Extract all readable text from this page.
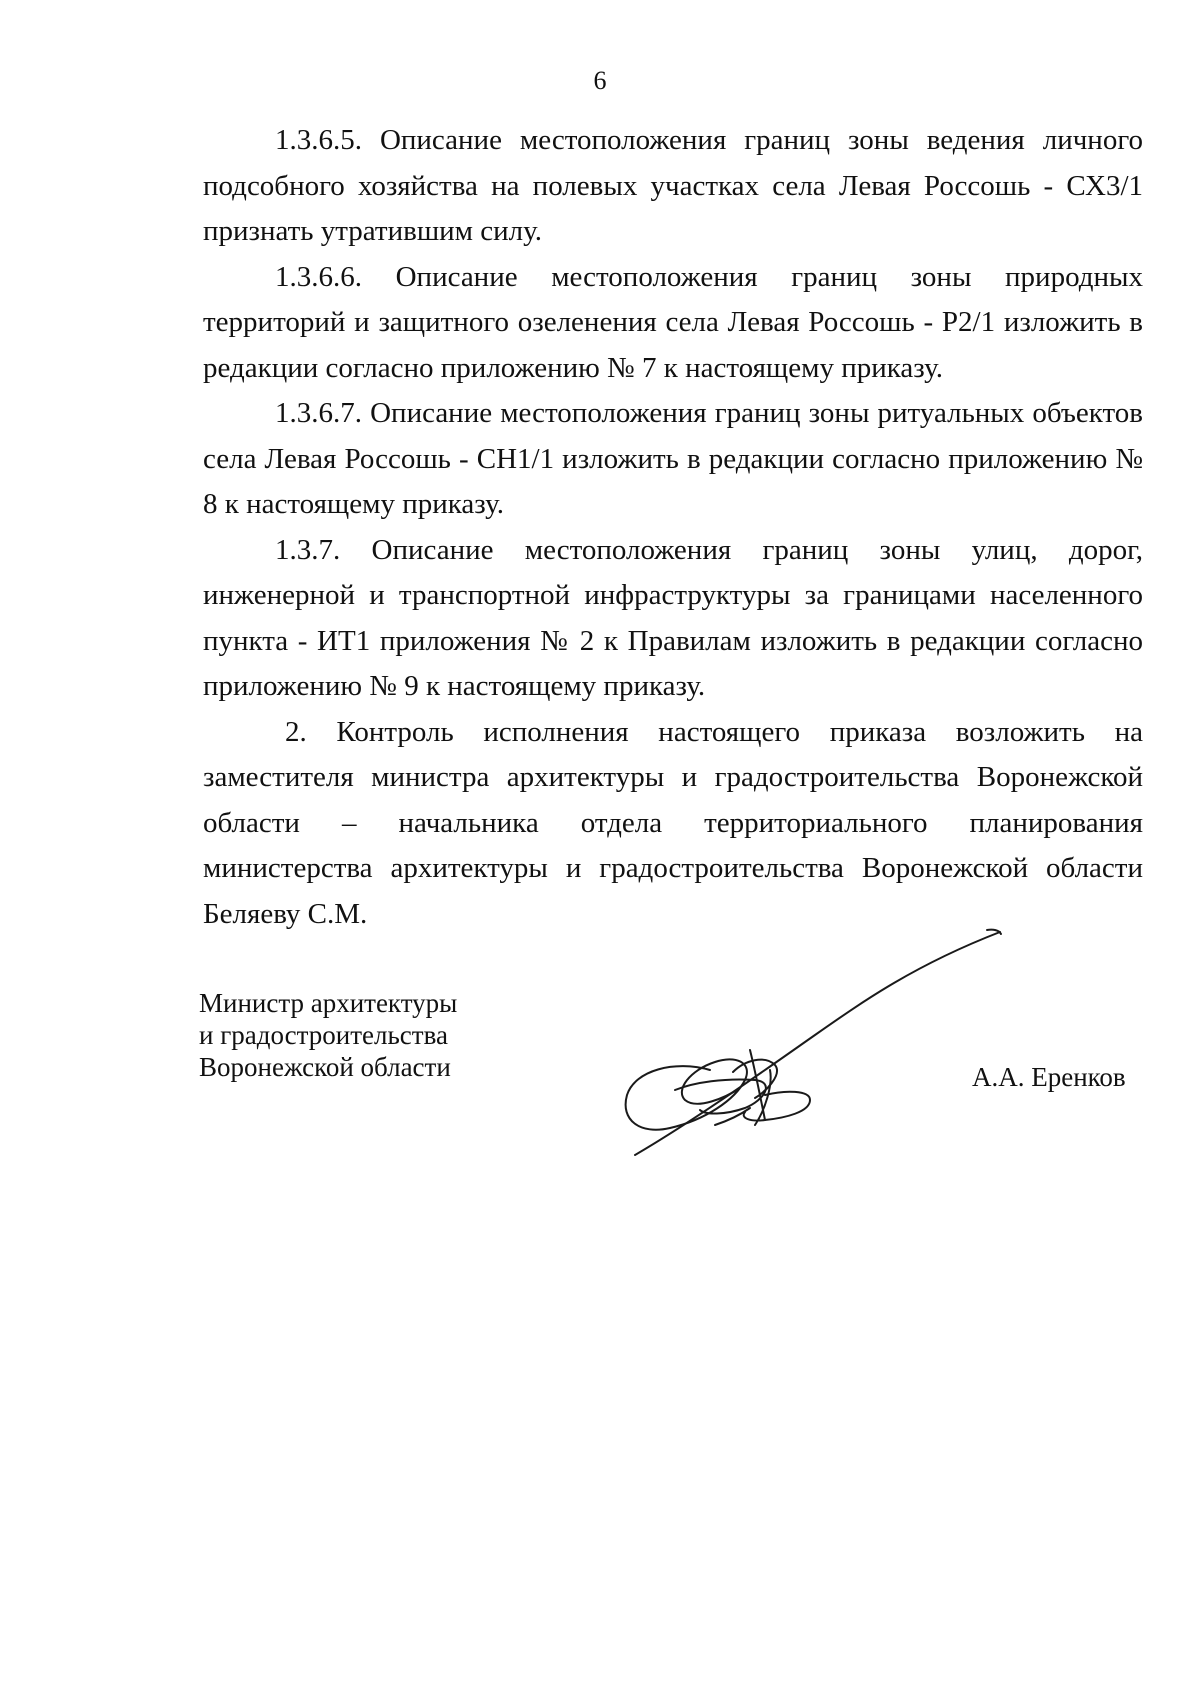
6

1.3.6.5. Описание местоположения границ зоны ведения личного подсобного хозяйства на полевых участках села Левая Россошь - СХ3/1 признать утратившим силу.

1.3.6.6. Описание местоположения границ зоны природных территорий и защитного озеленения села Левая Россошь - Р2/1 изложить в редакции согласно приложению № 7 к настоящему приказу.

1.3.6.7. Описание местоположения границ зоны ритуальных объектов села Левая Россошь - СН1/1 изложить в редакции согласно приложению № 8 к настоящему приказу.

1.3.7. Описание местоположения границ зоны улиц, дорог, инженерной и транспортной инфраструктуры за границами населенного пункта - ИТ1 приложения № 2 к Правилам изложить в редакции согласно приложению № 9 к настоящему приказу.

2. Контроль исполнения настоящего приказа возложить на заместителя министра архитектуры и градостроительства Воронежской области – начальника отдела территориального планирования министерства архитектуры и градостроительства Воронежской области Беляеву С.М.

Министр архитектуры
и градостроительства
Воронежской области	А.А. Еренков
